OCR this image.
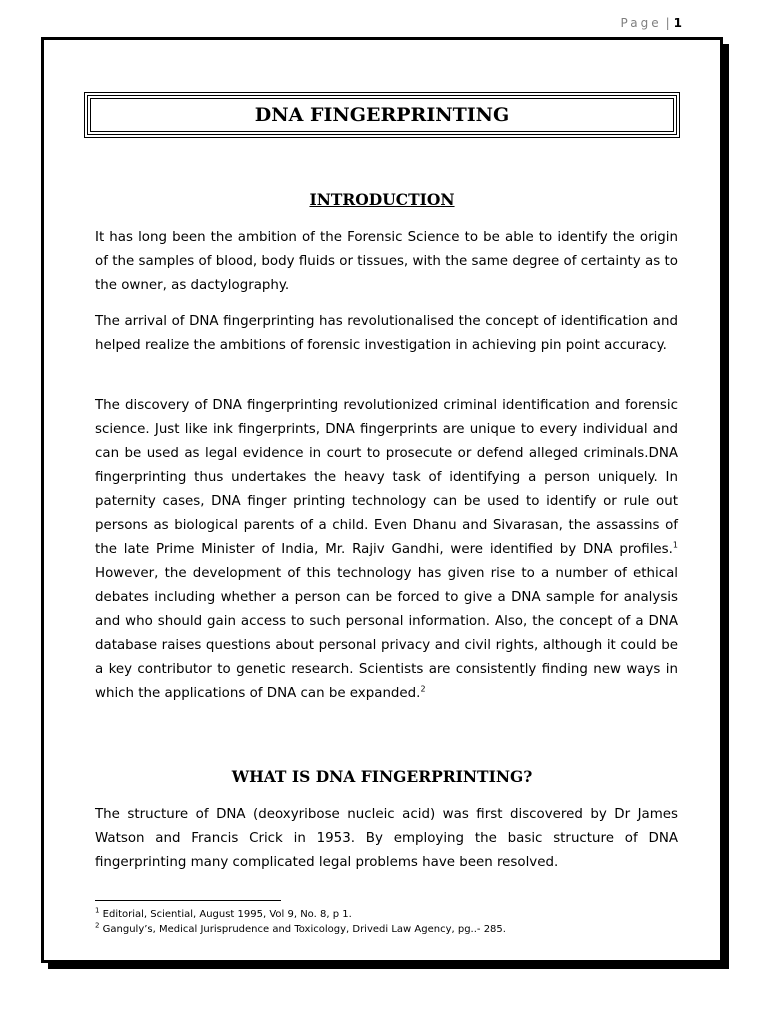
Page | 1
DNA FINGERPRINTING
INTRODUCTION

It has long been the ambition of the Forensic Science to be able to identify the origin of the samples of blood, body fluids or tissues, with the same degree of certainty as to the owner, as dactylography.

The arrival of DNA fingerprinting has revolutionalised the concept of identification and helped realize the ambitions of forensic investigation in achieving pin point accuracy.

The discovery of DNA fingerprinting revolutionized criminal identification and forensic science. Just like ink fingerprints, DNA fingerprints are unique to every individual and can be used as legal evidence in court to prosecute or defend alleged criminals.DNA fingerprinting thus undertakes the heavy task of identifying a person uniquely. In paternity cases, DNA finger printing technology can be used to identify or rule out persons as biological parents of a child. Even Dhanu and Sivarasan, the assassins of the late Prime Minister of India, Mr. Rajiv Gandhi, were identified by DNA profiles.$^1$ However, the development of this technology has given rise to a number of ethical debates including whether a person can be forced to give a DNA sample for analysis and who should gain access to such personal information. Also, the concept of a DNA database raises questions about personal privacy and civil rights, although it could be a key contributor to genetic research. Scientists are consistently finding new ways in which the applications of DNA can be expanded.$^2$

WHAT IS DNA FINGERPRINTING?

The structure of DNA (deoxyribose nucleic acid) was first discovered by Dr James Watson and Francis Crick in 1953. By employing the basic structure of DNA fingerprinting many complicated legal problems have been resolved.

$^1$ Editorial, Sciential, August 1995, Vol 9, No. 8, p 1.
$^2$ Ganguly’s, Medical Jurisprudence and Toxicology, Drivedi Law Agency, pg..- 285.
